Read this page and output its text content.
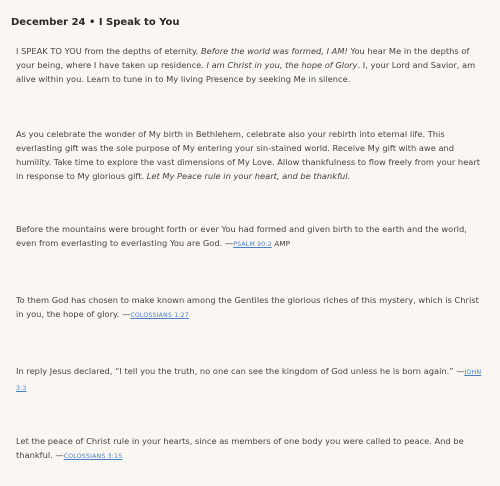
December 24 • I Speak to You

I SPEAK TO YOU from the depths of eternity. Before the world was formed, I AM! You hear Me in the depths of your being, where I have taken up residence. I am Christ in you, the hope of Glory. I, your Lord and Savior, am alive within you. Learn to tune in to My living Presence by seeking Me in silence.

As you celebrate the wonder of My birth in Bethlehem, celebrate also your rebirth into eternal life. This everlasting gift was the sole purpose of My entering your sin-stained world. Receive My gift with awe and humility. Take time to explore the vast dimensions of My Love. Allow thankfulness to flow freely from your heart in response to My glorious gift. Let My Peace rule in your heart, and be thankful.

Before the mountains were brought forth or ever You had formed and given birth to the earth and the world, even from everlasting to everlasting You are God. —PSALM 90:2 AMP

To them God has chosen to make known among the Gentiles the glorious riches of this mystery, which is Christ in you, the hope of glory. —COLOSSIANS 1:27

In reply Jesus declared, “I tell you the truth, no one can see the kingdom of God unless he is born again.” —JOHN 3:3

Let the peace of Christ rule in your hearts, since as members of one body you were called to peace. And be thankful. —COLOSSIANS 3:15
